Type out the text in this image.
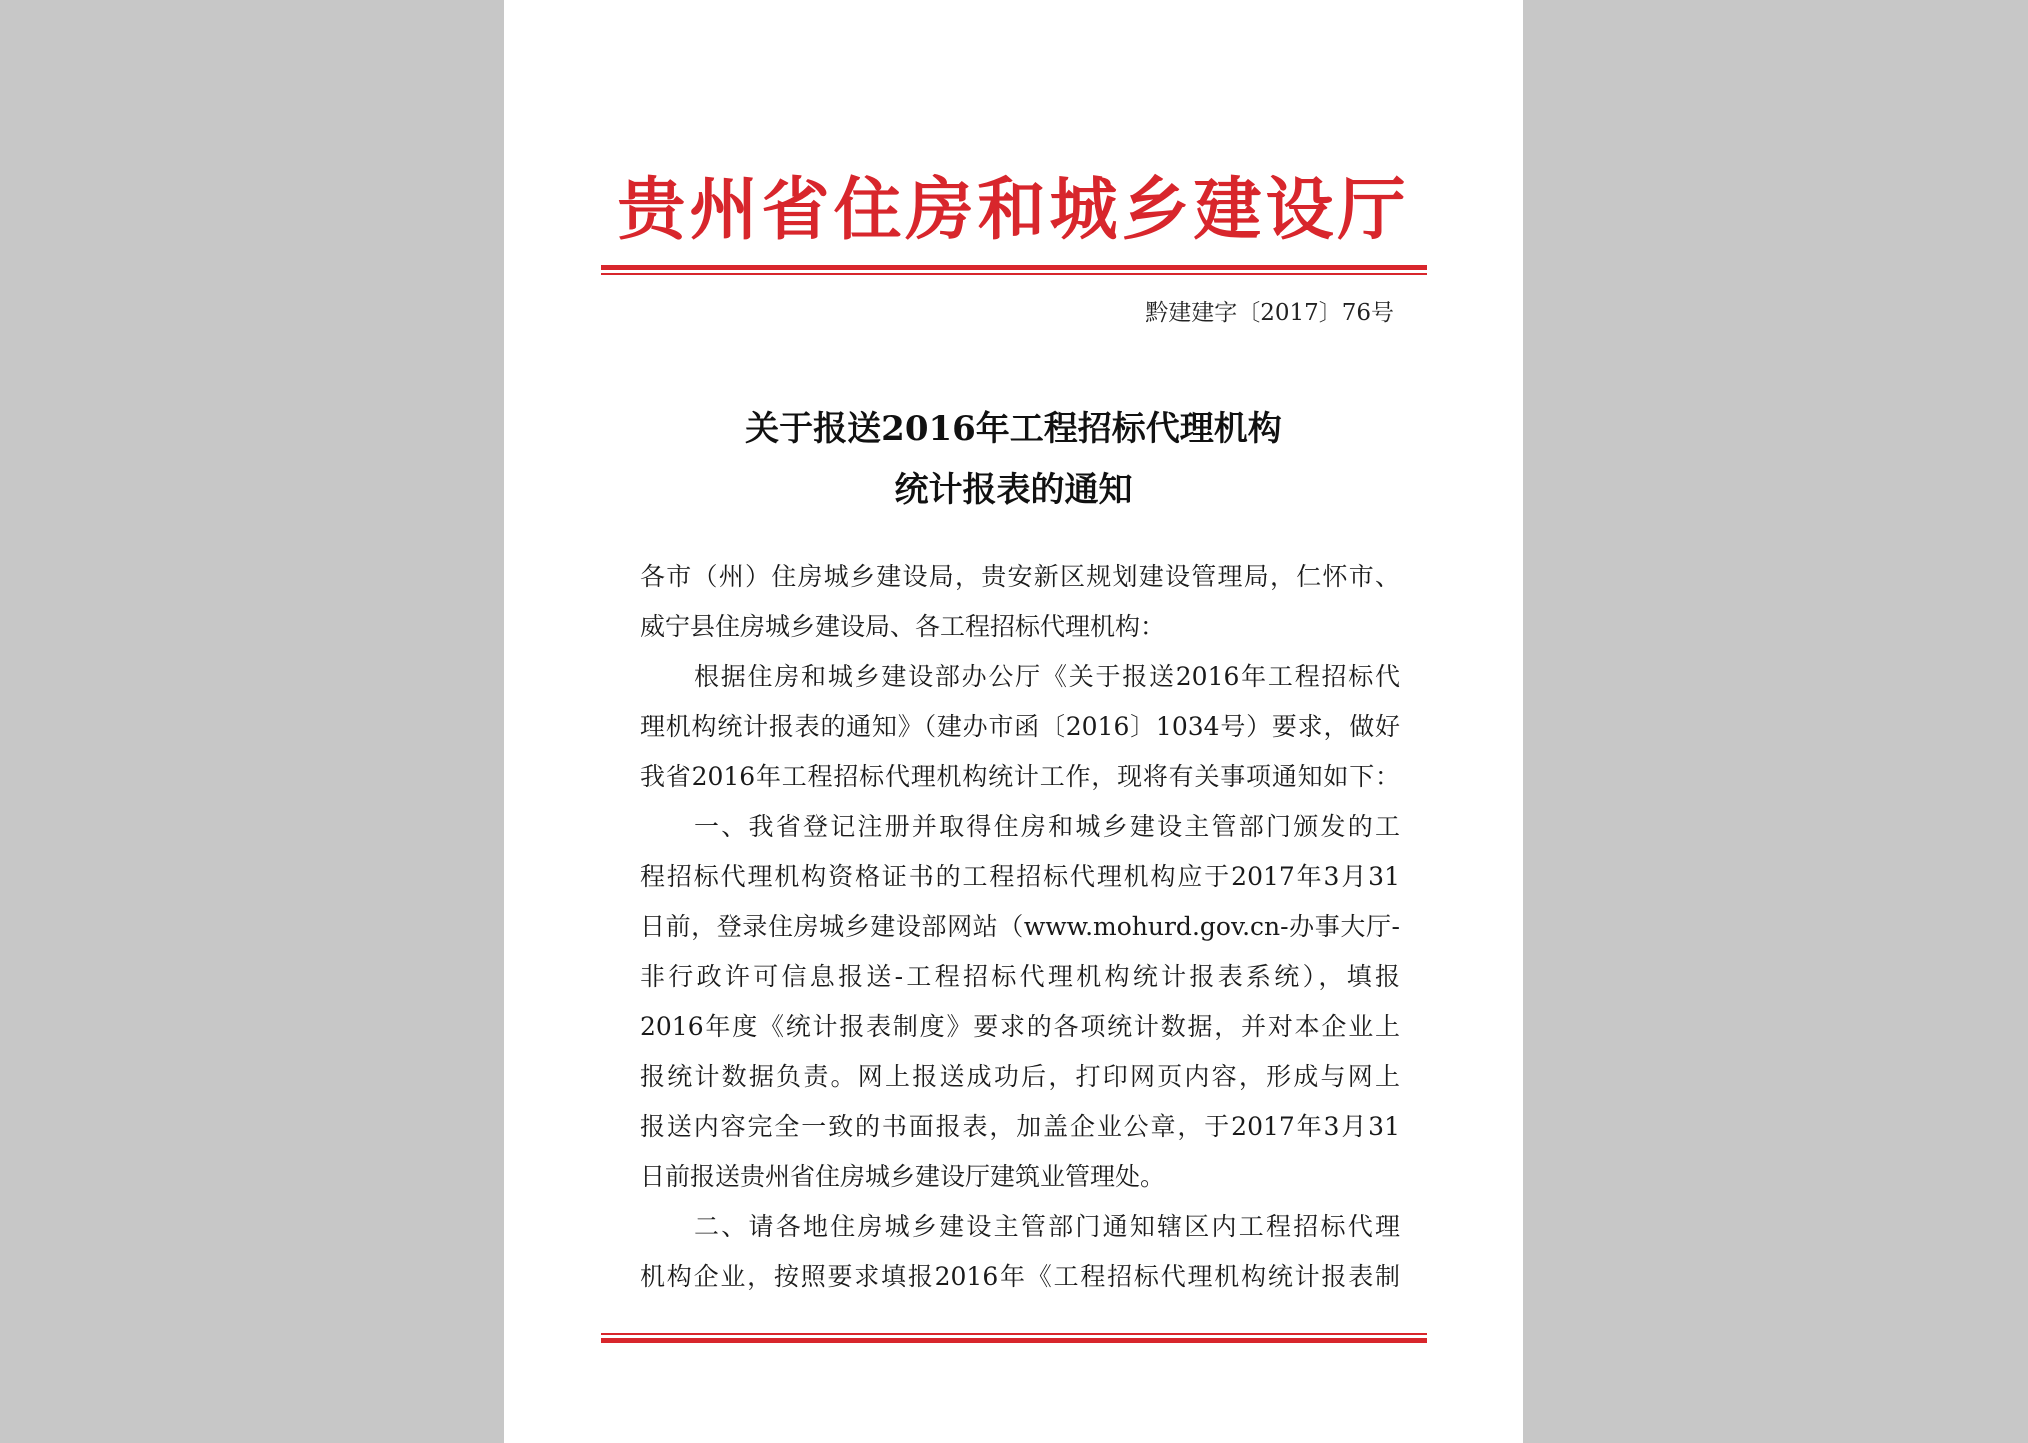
贵州省住房和城乡建设厅
黔建建字〔2017〕76号
关于报送2016年工程招标代理机构
统计报表的通知
各市（州）住房城乡建设局，贵安新区规划建设管理局，仁怀市、
威宁县住房城乡建设局、各工程招标代理机构：
根据住房和城乡建设部办公厅《关于报送2016年工程招标代
理机构统计报表的通知》（建办市函〔2016〕1034号）要求，做好
我省2016年工程招标代理机构统计工作，现将有关事项通知如下：
一、我省登记注册并取得住房和城乡建设主管部门颁发的工
程招标代理机构资格证书的工程招标代理机构应于2017年3月31
日前，登录住房城乡建设部网站（www.mohurd.gov.cn-办事大厅-
非行政许可信息报送-工程招标代理机构统计报表系统），填报
2016年度《统计报表制度》要求的各项统计数据，并对本企业上
报统计数据负责。网上报送成功后，打印网页内容，形成与网上
报送内容完全一致的书面报表，加盖企业公章，于2017年3月31
日前报送贵州省住房城乡建设厅建筑业管理处。
二、请各地住房城乡建设主管部门通知辖区内工程招标代理
机构企业，按照要求填报2016年《工程招标代理机构统计报表制
